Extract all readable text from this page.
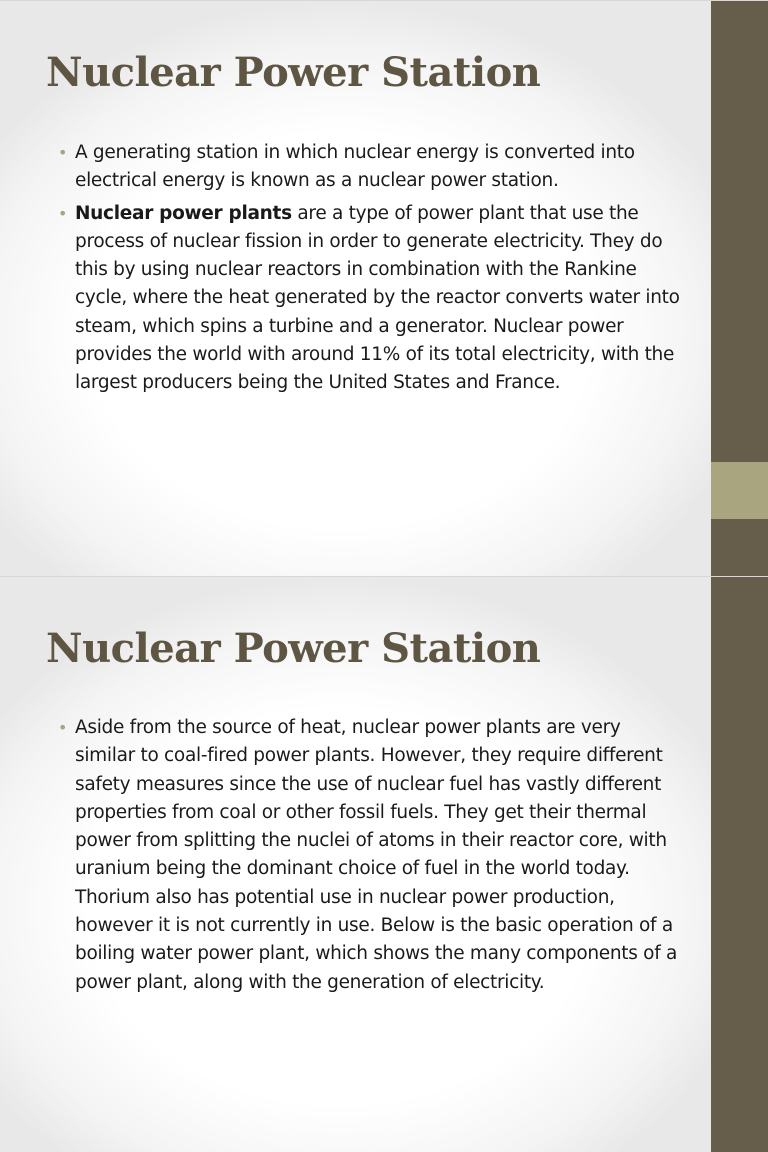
Nuclear Power Station
• A generating station in which nuclear energy is converted into electrical energy is known as a nuclear power station.
• Nuclear power plants are a type of power plant that use the process of nuclear fission in order to generate electricity. They do this by using nuclear reactors in combination with the Rankine cycle, where the heat generated by the reactor converts water into steam, which spins a turbine and a generator. Nuclear power provides the world with around 11% of its total electricity, with the largest producers being the United States and France.
Nuclear Power Station
• Aside from the source of heat, nuclear power plants are very similar to coal-fired power plants. However, they require different safety measures since the use of nuclear fuel has vastly different properties from coal or other fossil fuels. They get their thermal power from splitting the nuclei of atoms in their reactor core, with uranium being the dominant choice of fuel in the world today. Thorium also has potential use in nuclear power production, however it is not currently in use. Below is the basic operation of a boiling water power plant, which shows the many components of a power plant, along with the generation of electricity.
